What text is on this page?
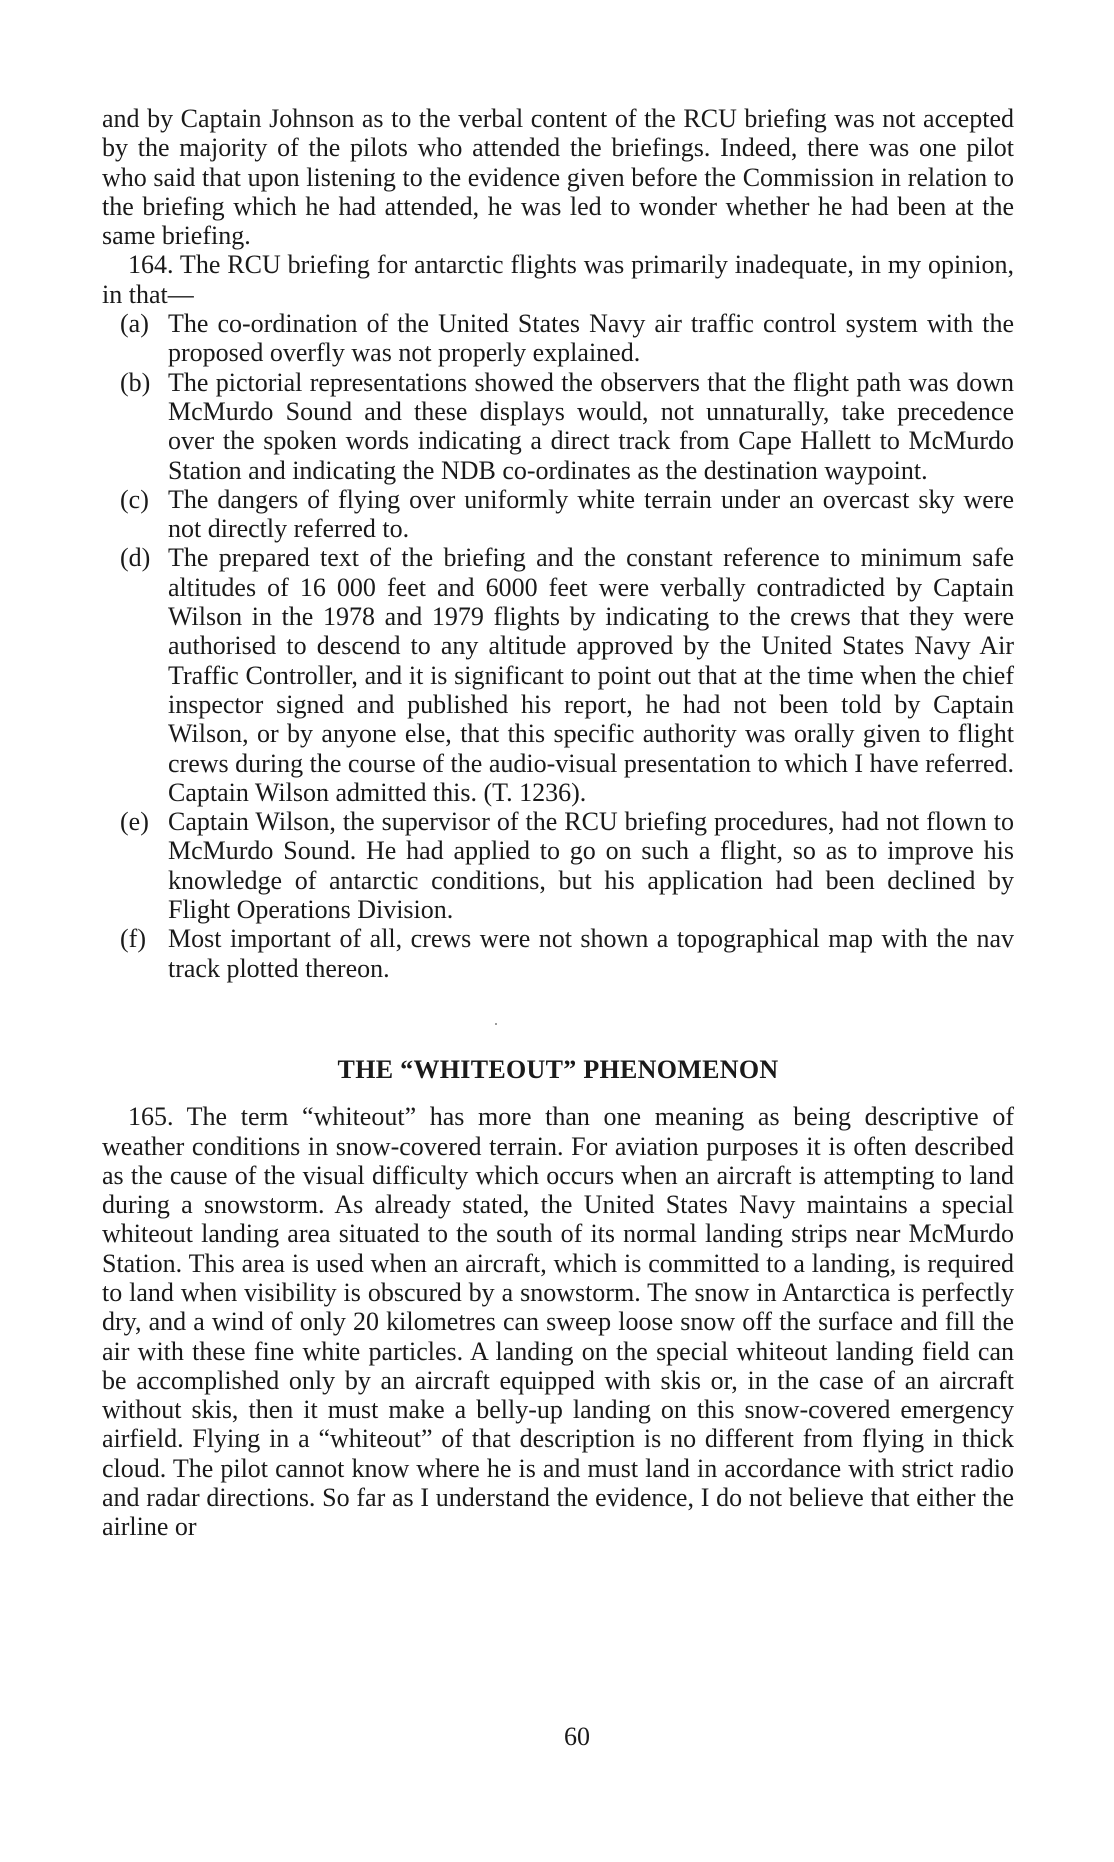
and by Captain Johnson as to the verbal content of the RCU briefing was not accepted by the majority of the pilots who attended the briefings. Indeed, there was one pilot who said that upon listening to the evidence given before the Commission in relation to the briefing which he had attended, he was led to wonder whether he had been at the same briefing.

164. The RCU briefing for antarctic flights was primarily inadequate, in my opinion, in that—

(a) The co-ordination of the United States Navy air traffic control system with the proposed overfly was not properly explained.
(b) The pictorial representations showed the observers that the flight path was down McMurdo Sound and these displays would, not unnaturally, take precedence over the spoken words indicating a direct track from Cape Hallett to McMurdo Station and indicating the NDB co-ordinates as the destination waypoint.
(c) The dangers of flying over uniformly white terrain under an overcast sky were not directly referred to.
(d) The prepared text of the briefing and the constant reference to minimum safe altitudes of 16 000 feet and 6000 feet were verbally contradicted by Captain Wilson in the 1978 and 1979 flights by indicating to the crews that they were authorised to descend to any altitude approved by the United States Navy Air Traffic Controller, and it is significant to point out that at the time when the chief inspector signed and published his report, he had not been told by Captain Wilson, or by anyone else, that this specific authority was orally given to flight crews during the course of the audio-visual presentation to which I have referred. Captain Wilson admitted this. (T. 1236).
(e) Captain Wilson, the supervisor of the RCU briefing procedures, had not flown to McMurdo Sound. He had applied to go on such a flight, so as to improve his knowledge of antarctic conditions, but his application had been declined by Flight Operations Division.
(f) Most important of all, crews were not shown a topographical map with the nav track plotted thereon.
THE “WHITEOUT” PHENOMENON

165. The term “whiteout” has more than one meaning as being descriptive of weather conditions in snow-covered terrain. For aviation purposes it is often described as the cause of the visual difficulty which occurs when an aircraft is attempting to land during a snowstorm. As already stated, the United States Navy maintains a special whiteout landing area situated to the south of its normal landing strips near McMurdo Station. This area is used when an aircraft, which is committed to a landing, is required to land when visibility is obscured by a snowstorm. The snow in Antarctica is perfectly dry, and a wind of only 20 kilometres can sweep loose snow off the surface and fill the air with these fine white particles. A landing on the special whiteout landing field can be accomplished only by an aircraft equipped with skis or, in the case of an aircraft without skis, then it must make a belly-up landing on this snow-covered emergency airfield. Flying in a “whiteout” of that description is no different from flying in thick cloud. The pilot cannot know where he is and must land in accordance with strict radio and radar directions. So far as I understand the evidence, I do not believe that either the airline or

60
